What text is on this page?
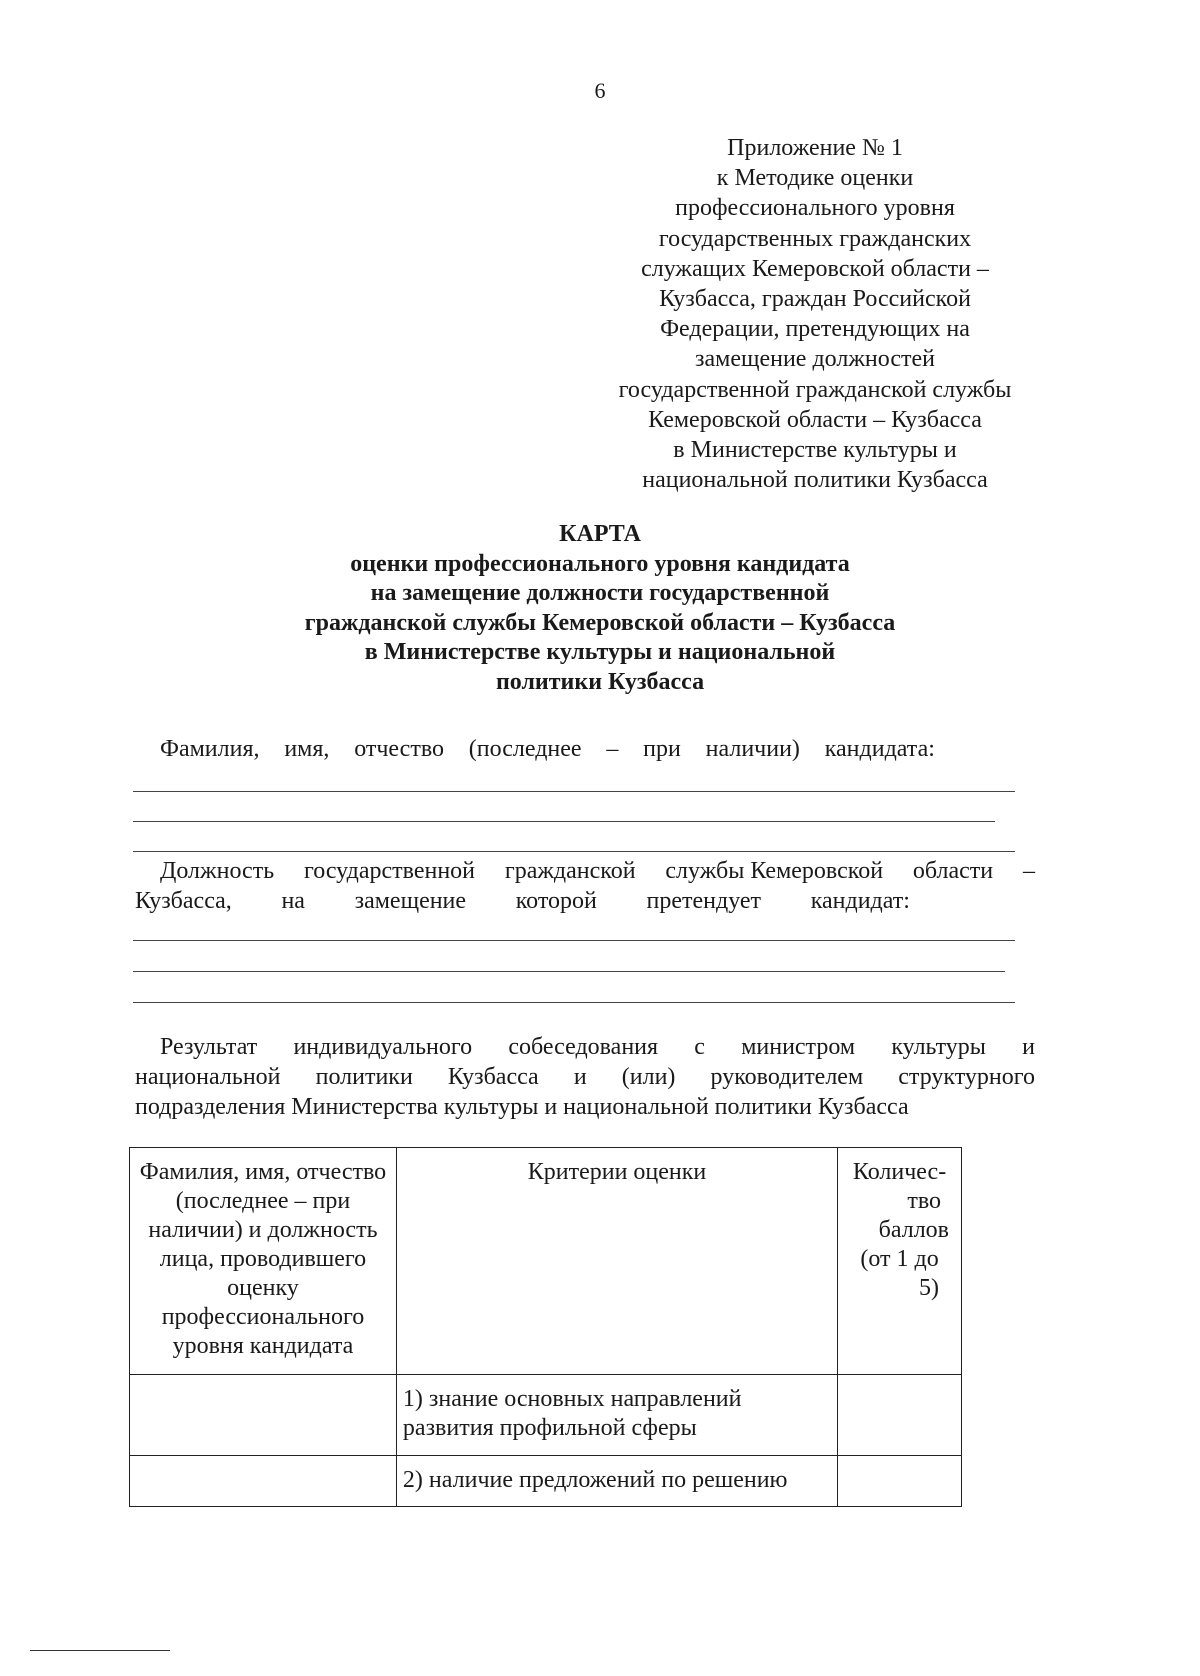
6
Приложение № 1
к Методике оценки
профессионального уровня
государственных гражданских
служащих Кемеровской области –
Кузбасса, граждан Российской
Федерации, претендующих на
замещение должностей
государственной гражданской службы
Кемеровской области – Кузбасса
в Министерстве культуры и
национальной политики Кузбасса
КАРТА
оценки профессионального уровня кандидата
на замещение должности государственной
гражданской службы Кемеровской области – Кузбасса
в Министерстве культуры и национальной
политики Кузбасса
Фамилия, имя, отчество (последнее – при наличии) кандидата:
Должность государственной гражданской службы Кемеровской области –
Кузбасса, на замещение которой претендует кандидат:
Результат индивидуального собеседования с министром культуры и
национальной политики Кузбасса и (или) руководителем структурного
подразделения Министерства культуры и национальной политики Кузбасса
Фамилия, имя, отчество (последнее – при наличии) и должность лица, проводившего оценку профессионального уровня кандидата	Критерии оценки	Количес-
тво
баллов
(от 1 до
5)

	1) знание основных направлений развития профильной сферы	
	2) наличие предложений по решению	
